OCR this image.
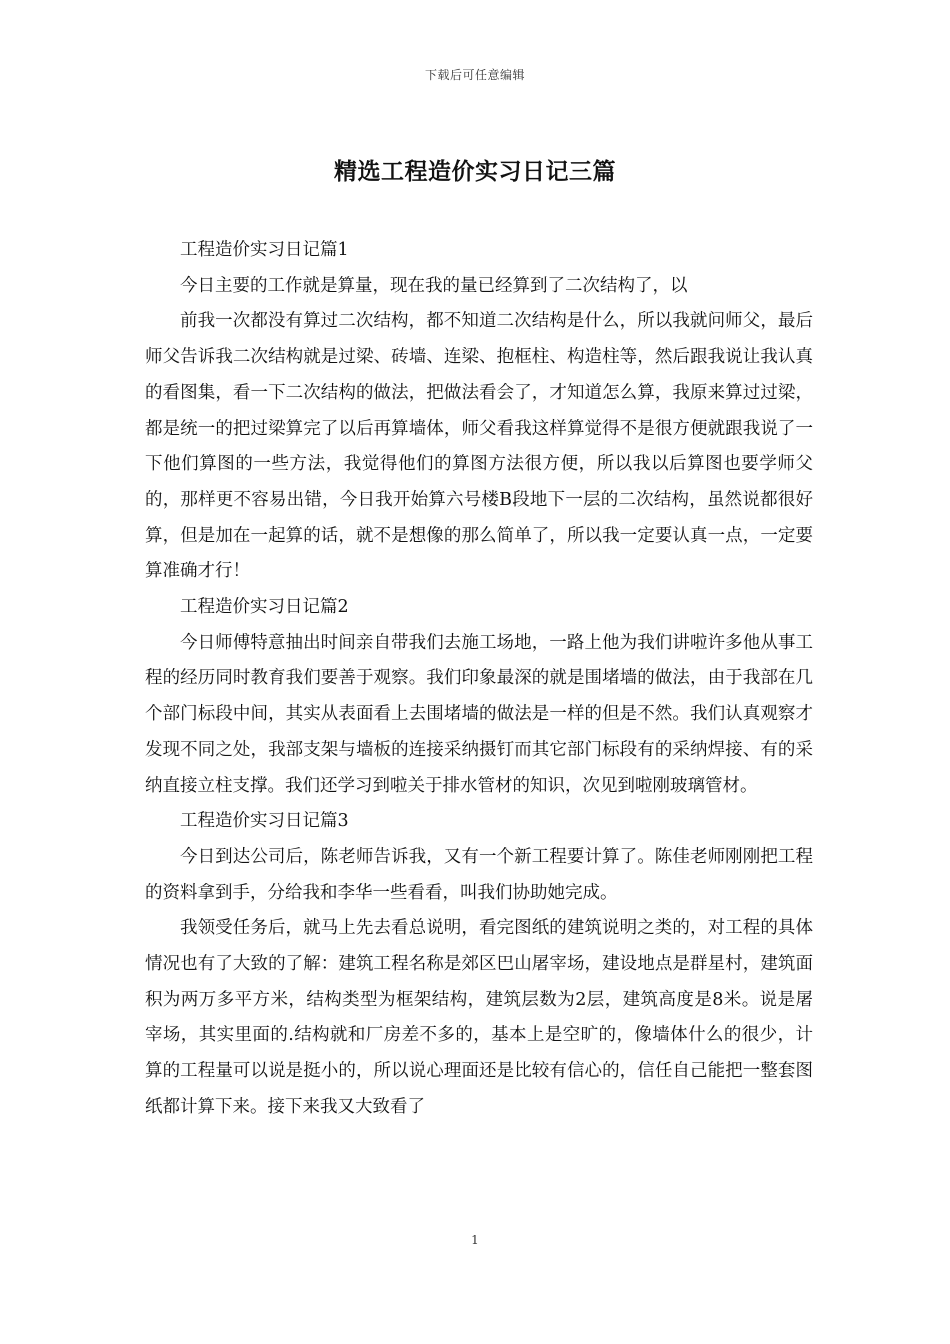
下载后可任意编辑
精选工程造价实习日记三篇

工程造价实习日记篇1

今日主要的工作就是算量，现在我的量已经算到了二次结构了，以

前我一次都没有算过二次结构，都不知道二次结构是什么，所以我就问师父，最后师父告诉我二次结构就是过梁、砖墙、连梁、抱框柱、构造柱等，然后跟我说让我认真的看图集，看一下二次结构的做法，把做法看会了，才知道怎么算，我原来算过过梁，都是统一的把过梁算完了以后再算墙体，师父看我这样算觉得不是很方便就跟我说了一下他们算图的一些方法，我觉得他们的算图方法很方便，所以我以后算图也要学师父的，那样更不容易出错，今日我开始算六号楼B段地下一层的二次结构，虽然说都很好算，但是加在一起算的话，就不是想像的那么简单了，所以我一定要认真一点，一定要算准确才行！

工程造价实习日记篇2

今日师傅特意抽出时间亲自带我们去施工场地，一路上他为我们讲啦许多他从事工程的经历同时教育我们要善于观察。我们印象最深的就是围堵墙的做法，由于我部在几个部门标段中间，其实从表面看上去围堵墙的做法是一样的但是不然。我们认真观察才发现不同之处，我部支架与墙板的连接采纳摄钉而其它部门标段有的采纳焊接、有的采纳直接立柱支撑。我们还学习到啦关于排水管材的知识，次见到啦刚玻璃管材。

工程造价实习日记篇3

今日到达公司后，陈老师告诉我，又有一个新工程要计算了。陈佳老师刚刚把工程的资料拿到手，分给我和李华一些看看，叫我们协助她完成。

我领受任务后，就马上先去看总说明，看完图纸的建筑说明之类的，对工程的具体情况也有了大致的了解：建筑工程名称是郊区巴山屠宰场，建设地点是群星村，建筑面积为两万多平方米，结构类型为框架结构，建筑层数为2层，建筑高度是8米。说是屠宰场，其实里面的.结构就和厂房差不多的，基本上是空旷的，像墙体什么的很少，计算的工程量可以说是挺小的，所以说心理面还是比较有信心的，信任自己能把一整套图纸都计算下来。接下来我又大致看了

1
